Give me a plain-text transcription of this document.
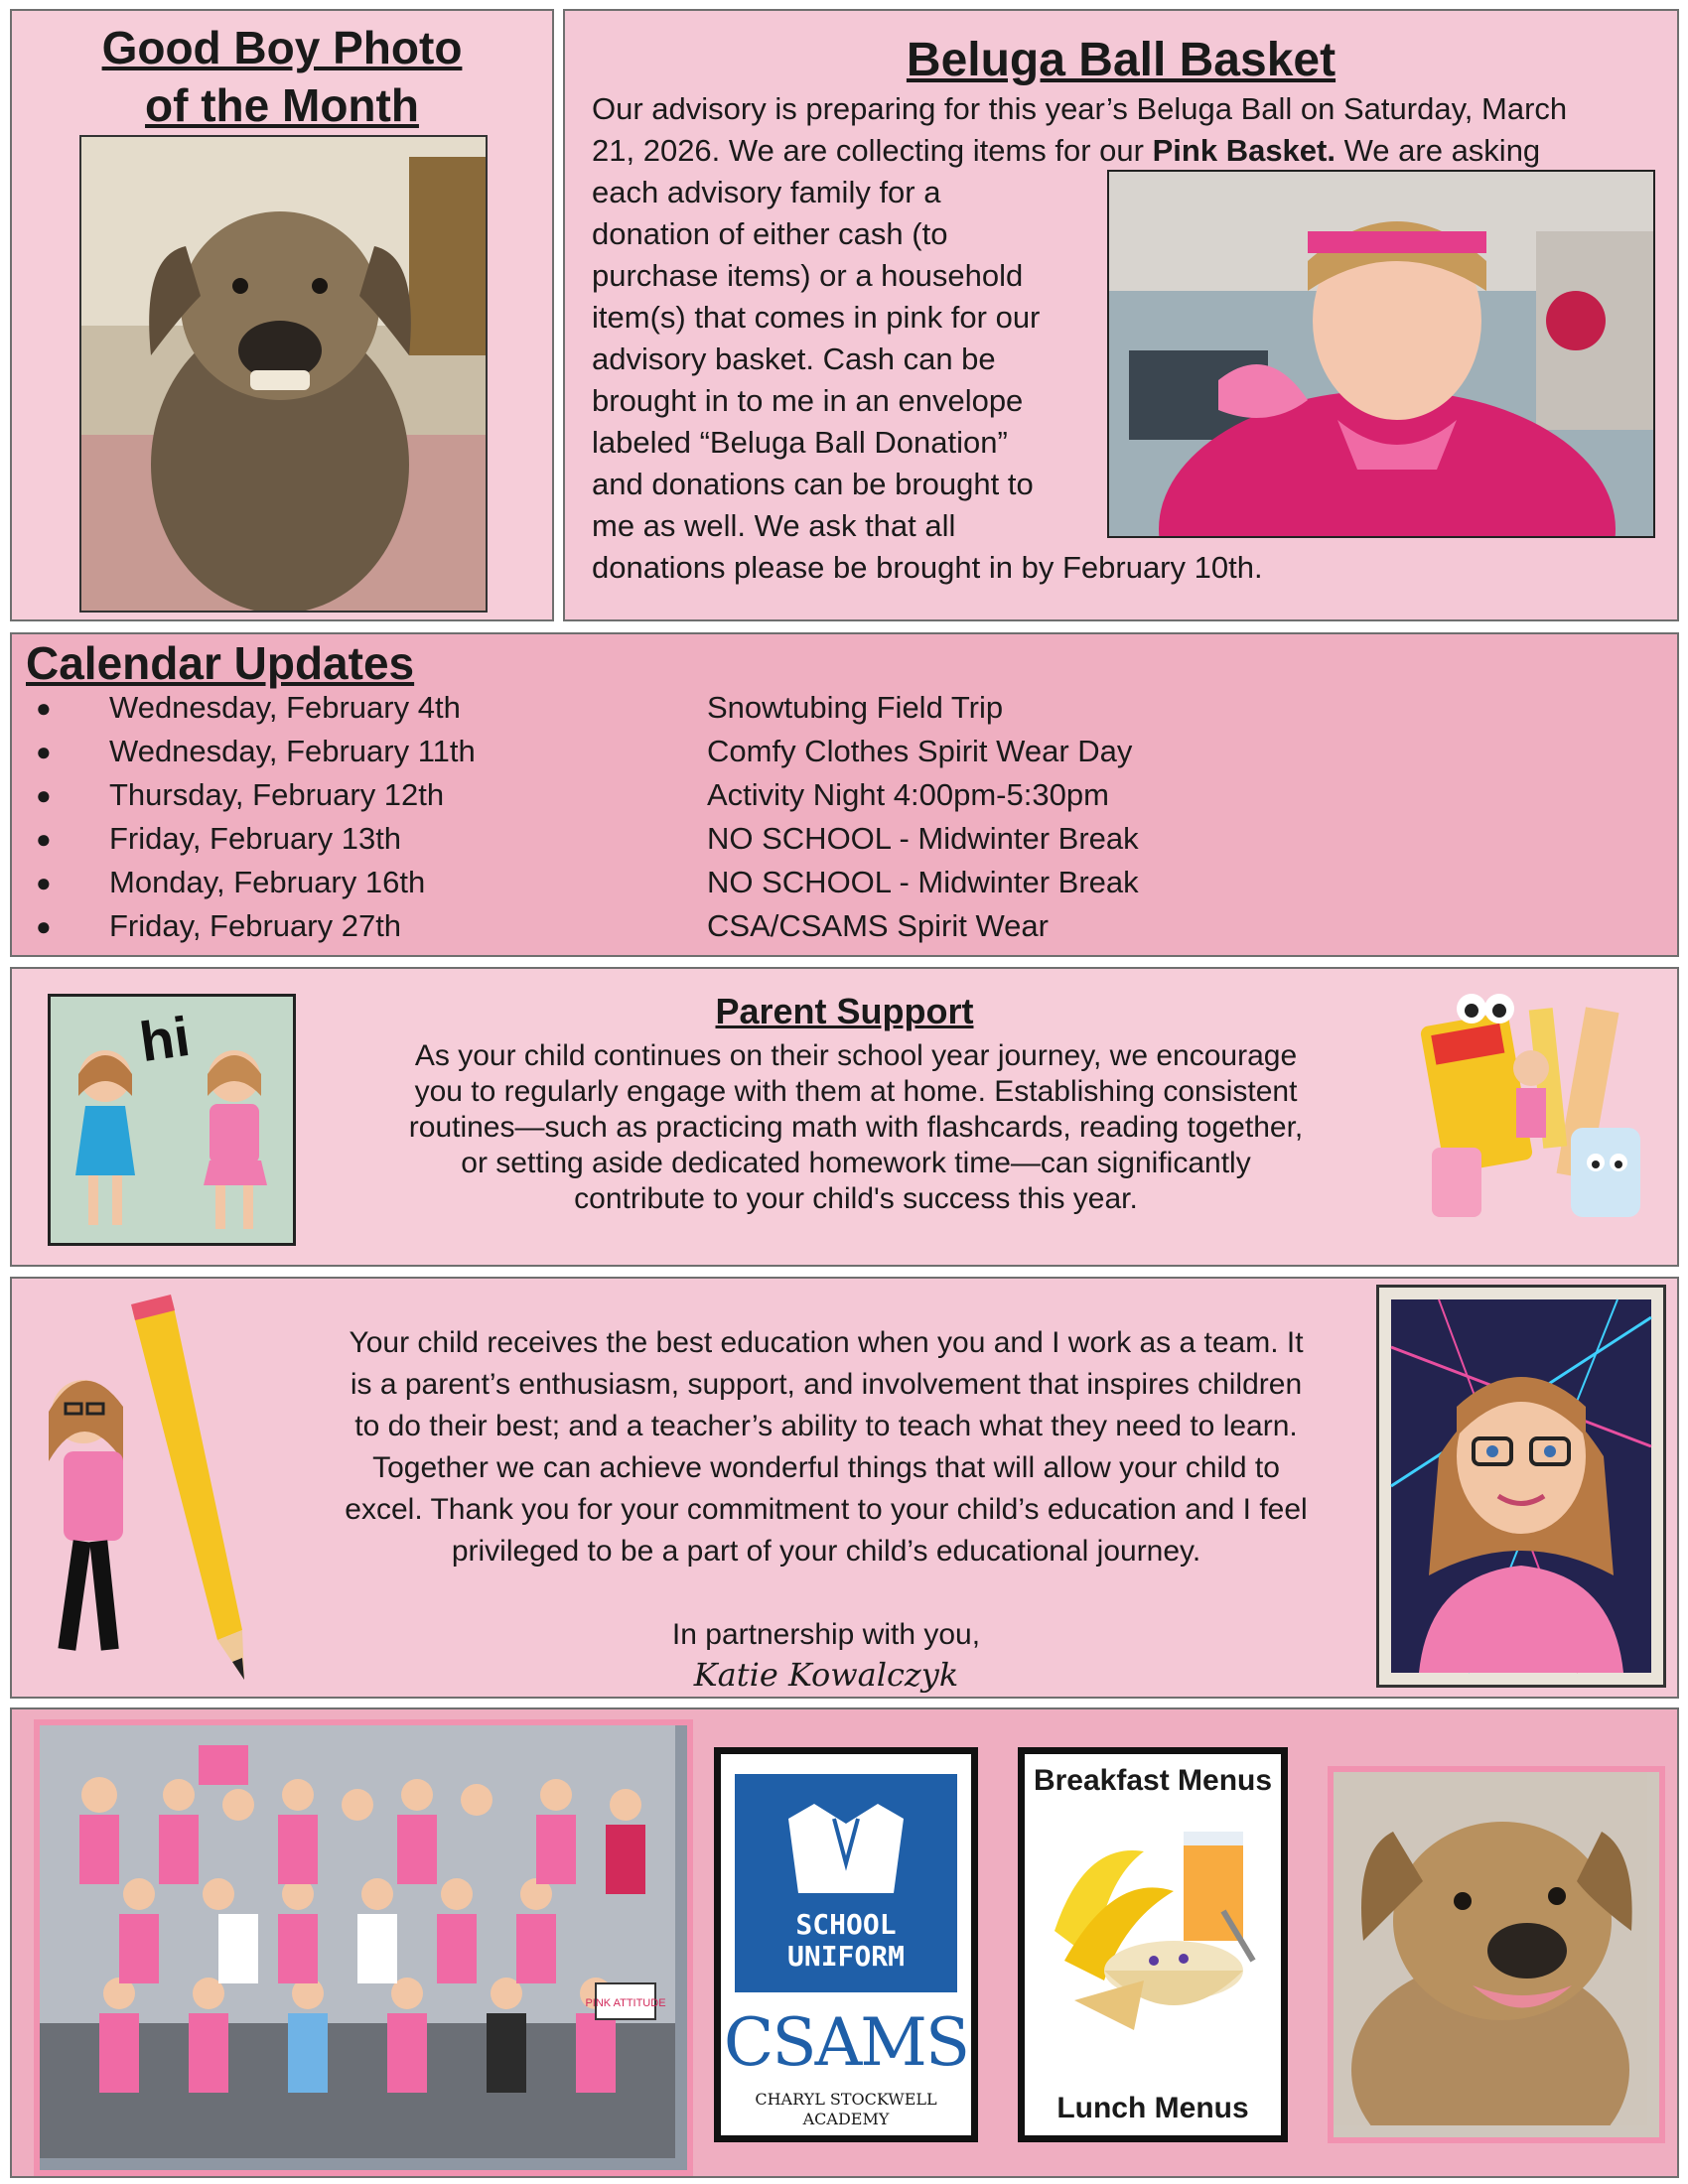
Good Boy Photo
of the Month
Beluga Ball Basket

Our advisory is preparing for this year’s Beluga Ball on Saturday, March

21, 2026. We are collecting items for our Pink Basket. We are asking

each advisory family for a

donation of either cash (to

purchase items) or a household

item(s) that comes in pink for our

advisory basket. Cash can be

brought in to me in an envelope

labeled “Beluga Ball Donation”

and donations can be brought to

me as well. We ask that all

donations please be brought in by February 10th.

Calendar Updates
● Wednesday, February 4th	Snowtubing Field Trip
● Wednesday, February 11th	Comfy Clothes Spirit Wear Day
● Thursday, February 12th	Activity Night 4:00pm-5:30pm
● Friday, February 13th	NO SCHOOL - Midwinter Break
● Monday, February 16th	NO SCHOOL - Midwinter Break
● Friday, February 27th	CSA/CSAMS Spirit Wear
hi	Parent Support
As your child continues on their school year journey, we encourage
you to regularly engage with them at home. Establishing consistent
routines—such as practicing math with flashcards, reading together,
or setting aside dedicated homework time—can significantly
contribute to your child's success this year.
Your child receives the best education when you and I work as a team. It
is a parent’s enthusiasm, support, and involvement that inspires children
to do their best; and a teacher’s ability to teach what they need to learn.
Together we can achieve wonderful things that will allow your child to
excel. Thank you for your commitment to your child’s education and I feel
privileged to be a part of your child’s educational journey.
In partnership with you,
Katie Kowalczyk
PINK ATTITUDE
SCHOOL
UNIFORM
CSAMS
CHARYL STOCKWELL
ACADEMY
Breakfast Menus
Lunch Menus
